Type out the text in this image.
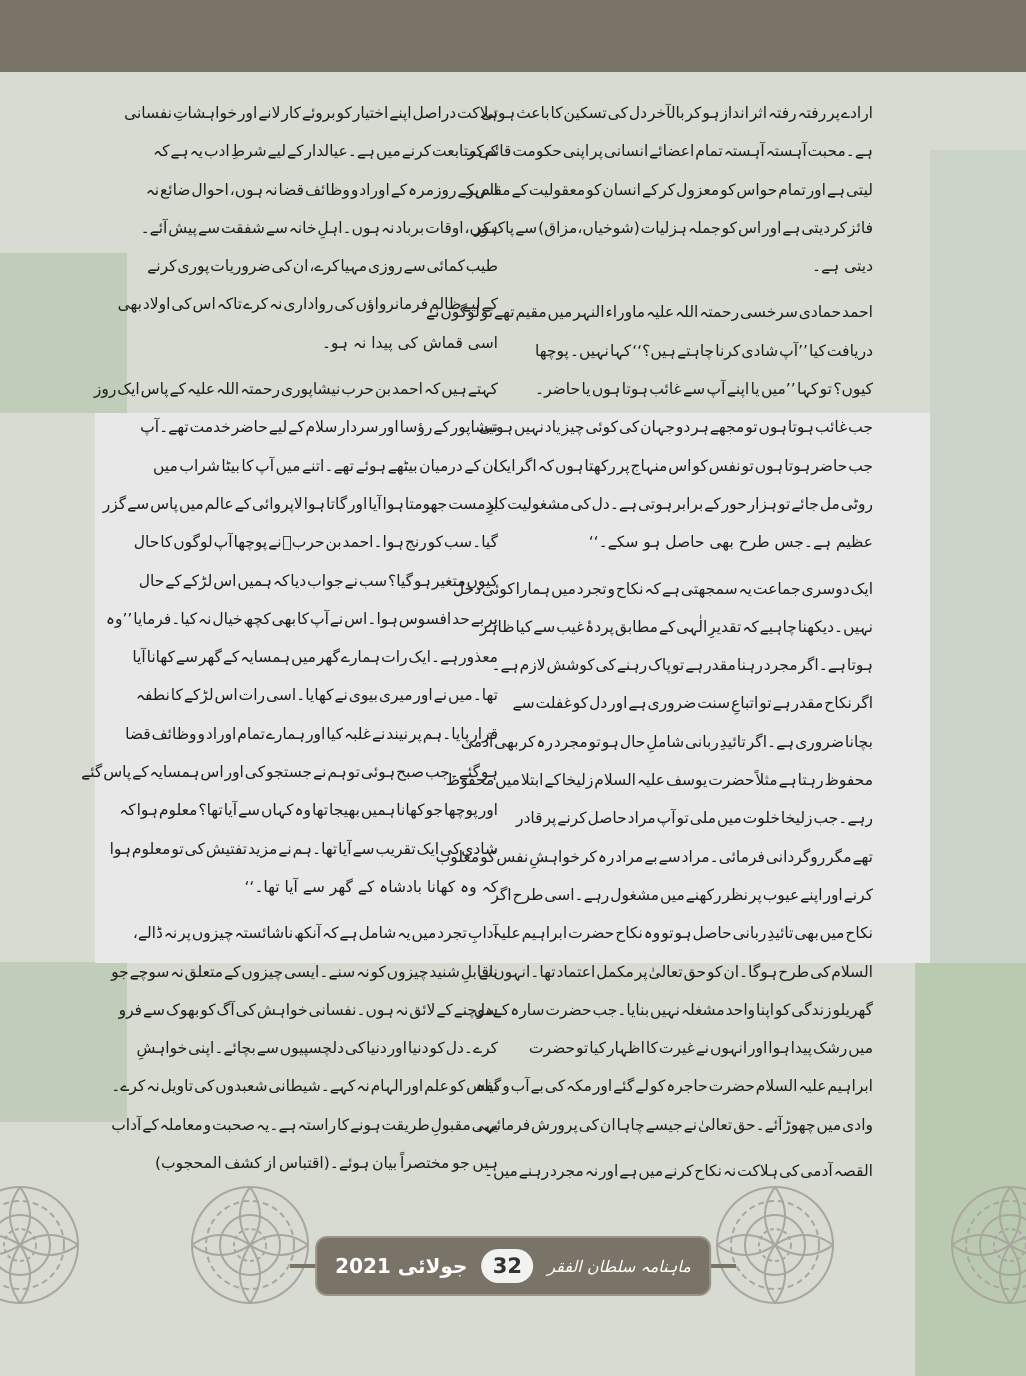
ارادے پر رفتہ رفتہ اثر انداز ہو کر بالآخر دل کی تسکین کا باعث ہوتی
ہے۔محبت آہستہ آہستہ تمام اعضائے انسانی پر اپنی حکومت قائم کر
لیتی ہے اور تمام حواس کو معزول کر کے انسان کو معقولیت کے مقام پر
فائز کر دیتی ہے اور اس کو جملہ ہزلیات (شوخیاں،مزاق) سے پاک کر
دیتی ہے۔
احمد حمادی سرخسی رحمتہ اللہ علیہ ماوراء النہر میں مقیم تھے تو لوگوں نے
دریافت کیا ’’آپ شادی کرنا چاہتے ہیں؟‘‘ کہا نہیں۔ پوچھا
کیوں؟ تو کہا ’’میں یا اپنے آپ سے غائب ہوتا ہوں یا حاضر۔
جب غائب ہوتا ہوں تو مجھے ہر دو جہان کی کوئی چیز یاد نہیں ہوتی۔
جب حاضر ہوتا ہوں تو نفس کو اس منہاج پر رکھتا ہوں کہ اگر ایک
روٹی مل جائے تو ہزار حور کے برابر ہوتی ہے۔دل کی مشغولیت کارِ
عظیم ہے۔جس طرح بھی حاصل ہو سکے۔‘‘
ایک دوسری جماعت یہ سمجھتی ہے کہ نکاح و تجرد میں ہمارا کوئی دخل
نہیں۔دیکھنا چاہیے کہ تقدیرِ الٰہی کے مطابق پردۂ غیب سے کیا ظاہر
ہوتا ہے۔اگر مجرد رہنا مقدر ہے تو پاک رہنے کی کوشش لازم ہے۔
اگر نکاح مقدر ہے تو اتباعِ سنت ضروری ہے اور دل کو غفلت سے
بچانا ضروری ہے۔اگر تائیدِ ربانی شاملِ حال ہو تو مجرد رہ کر بھی آدمی
محفوظ رہتا ہے مثلاً حضرت یوسف علیہ السلام زلیخا کے ابتلا میں محفوظ
رہے۔جب زلیخا خلوت میں ملی تو آپ مراد حاصل کرنے پر قادر
تھے مگر روگردانی فرمائی۔مراد سے بے مراد رہ کر خواہشِ نفس کو مغلوب
کرنے اور اپنے عیوب پر نظر رکھنے میں مشغول رہے۔اسی طرح اگر
نکاح میں بھی تائیدِ ربانی حاصل ہو تو وہ نکاح حضرت ابراہیم علیہ
السلام کی طرح ہوگا۔ان کو حق تعالیٰ پر مکمل اعتماد تھا۔انہوں نے
گھریلو زندگی کو اپنا واحد مشغلہ نہیں بنایا۔جب حضرت سارہ کے دل
میں رشک پیدا ہوا اور انہوں نے غیرت کا اظہار کیا تو حضرت
ابراہیم علیہ السلام حضرت حاجرہ کو لے گئے اور مکہ کی بے آب و گیاہ
وادی میں چھوڑ آئے۔حق تعالیٰ نے جیسے چاہا ان کی پرورش فرمائی۔
القصہ آدمی کی ہلاکت نہ نکاح کرنے میں ہے اور نہ مجرد رہنے میں۔
ہلاکت دراصل اپنے اختیار کو بروئے کار لانے اور خواہشاتِ نفسانی
کی متابعت کرنے میں ہے۔عیالدار کے لیے شرطِ ادب یہ ہے کہ
اس کے روزمرہ کے اوراد و وظائف قضا نہ ہوں، احوال ضائع نہ
ہوں، اوقات برباد نہ ہوں۔اہلِ خانہ سے شفقت سے پیش آئے۔
طیب کمائی سے روزی مہیا کرے، ان کی ضروریات پوری کرنے
کے لیے ظالم فرمانرواؤں کی رواداری نہ کرے تاکہ اس کی اولاد بھی
اسی قماش کی پیدا نہ ہو۔
کہتے ہیں کہ احمد بن حرب نیشاپوری رحمتہ اللہ علیہ کے پاس ایک روز
نیشاپور کے رؤسا اور سردار سلام کے لیے حاضر خدمت تھے۔آپ
ان کے درمیان بیٹھے ہوئے تھے۔اتنے میں آپ کا بیٹا شراب میں
بدمست جھومتا ہوا آیا اور گاتا ہوا لاپروائی کے عالم میں پاس سے گزر
گیا۔سب کو رنج ہوا۔احمد بن حربؒ نے پوچھا آپ لوگوں کا حال
کیوں متغیر ہو گیا؟ سب نے جواب دیا کہ ہمیں اس لڑکے کے حال
پر بے حد افسوس ہوا۔اس نے آپ کا بھی کچھ خیال نہ کیا۔فرمایا ’’وہ
معذور ہے۔ایک رات ہمارے گھر میں ہمسایہ کے گھر سے کھانا آیا
تھا۔میں نے اور میری بیوی نے کھایا۔اسی رات اس لڑکے کا نطفہ
قرار پایا۔ہم پر نیند نے غلبہ کیا اور ہمارے تمام اوراد و وظائف قضا
ہو گئے۔جب صبح ہوئی تو ہم نے جستجو کی اور اس ہمسایہ کے پاس گئے
اور پوچھا جو کھانا ہمیں بھیجا تھا وہ کہاں سے آیا تھا؟ معلوم ہوا کہ
شادی کی ایک تقریب سے آیا تھا۔ہم نے مزید تفتیش کی تو معلوم ہوا
کہ وہ کھانا بادشاہ کے گھر سے آیا تھا۔‘‘
آدابِ تجرد میں یہ شامل ہے کہ آنکھ ناشائستہ چیزوں پر نہ ڈالے،
ناقابلِ شنید چیزوں کو نہ سنے۔ایسی چیزوں کے متعلق نہ سوچے جو
سوچنے کے لائق نہ ہوں۔نفسانی خواہش کی آگ کو بھوک سے فرو
کرے۔دل کو دنیا اور دنیا کی دلچسپیوں سے بچائے۔اپنی خواہشِ
نفس کو علم اور الہام نہ کہے۔شیطانی شعبدوں کی تاویل نہ کرے۔
یہی مقبولِ طریقت ہونے کا راستہ ہے۔یہ صحبت و معاملہ کے آداب
ہیں جو مختصراً بیان ہوئے۔(اقتباس از کشف المحجوب)
جولائی 2021	32	ماہنامہ سلطان الفقر
